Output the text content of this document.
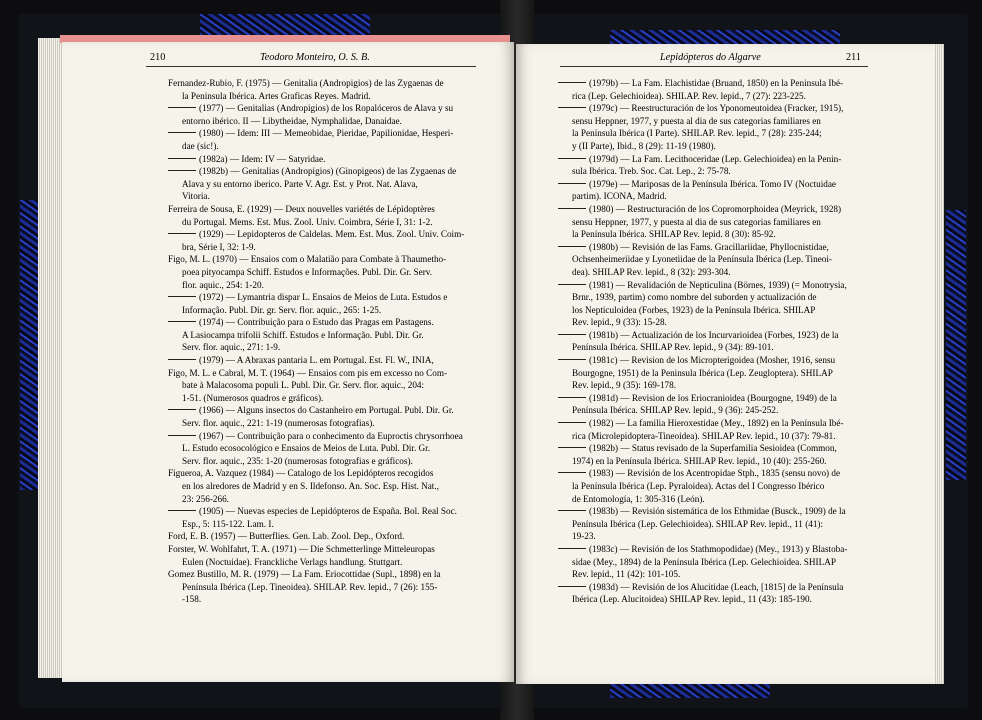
210	Teodoro Monteiro, O. S. B.	Lepidópteros do Algarve	211
Fernandez-Rubio, F. (1975) — Genitalia (Andropigios) de las Zygaenas de
la Peninsula Ibérica. Artes Graficas Reyes. Madrid.
(1977) — Genitalias (Andropigios) de los Ropalóceros de Alava y su
entorno ibérico. II — Libytheidae, Nymphalidae, Danaidae.
(1980) — Idem: III — Memeobidae, Pieridae, Papilionidae, Hesperi-
dae (sic!).
(1982a) — Idem: IV — Satyridae.
(1982b) — Genitalias (Andropigios) (Ginopigeos) de las Zygaenas de
Alava y su entorno iberico. Parte V. Agr. Est. y Prot. Nat. Alava,
Vitoria.
Ferreira de Sousa, E. (1929) — Deux nouvelles variétés de Lépidoptères
du Portugal. Mems. Est. Mus. Zool. Univ. Coimbra, Série I, 31: 1-2.
(1929) — Lepidopteros de Caldelas. Mem. Est. Mus. Zool. Univ. Coim-
bra, Série I, 32: 1-9.
Figo, M. L. (1970) — Ensaios com o Malatião para Combate à Thaumetho-
poea pityocampa Schiff. Estudos e Informações. Publ. Dir. Gr. Serv.
flor. aquic., 254: 1-20.
(1972) — Lymantria dispar L. Ensaios de Meios de Luta. Estudos e
Informação. Publ. Dir. gr. Serv. flor. aquic., 265: 1-25.
(1974) — Contribuição para o Estudo das Pragas em Pastagens.
A Lasiocampa trifolii Schiff. Estudos e Informação. Publ. Dir. Gr.
Serv. flor. aquic., 271: 1-9.
(1979) — A Abraxas pantaria L. em Portugal. Est. Fl. W., INIA,
Figo, M. L. e Cabral, M. T. (1964) — Ensaios com pis em excesso no Com-
bate à Malacosoma populi L. Publ. Dir. Gr. Serv. flor. aquic., 204:
1-51. (Numerosos quadros e gráficos).
(1966) — Alguns insectos do Castanheiro em Portugal. Publ. Dir. Gr.
Serv. flor. aquic., 221: 1-19 (numerosas fotografias).
(1967) — Contribuição para o conhecimento da Euproctis chrysorrhoea
L. Estudo ecosocológico e Ensaios de Meios de Luta. Publ. Dir. Gr.
Serv. flor. aquic., 235: 1-20 (numerosas fotografias e gráficos).
Figueroa, A. Vazquez (1984) — Catalogo de los Lepidópteros recogidos
en los alredores de Madrid y en S. Ildefonso. An. Soc. Esp. Hist. Nat.,
23: 256-266.
(1905) — Nuevas especies de Lepidópteros de España. Bol. Real Soc.
Esp., 5: 115-122. Lam. I.
Ford, E. B. (1957) — Butterflies. Gen. Lab. Zool. Dep., Oxford.
Forster, W. Wohlfahrt, T. A. (1971) — Die Schmetterlinge Mitteleuropas
Eulen (Noctuidae). Franckliche Verlags handlung. Stuttgart.
Gomez Bustillo, M. R. (1979) — La Fam. Eriocottidae (Supl., 1898) en la
Península Ibérica (Lep. Tineoidea). SHILAP. Rev. lepid., 7 (26): 155-
-158.
(1979b) — La Fam. Elachistidae (Bruand, 1850) en la Peninsula Ibé-
rica (Lep. Gelechioidea). SHILAP. Rev. lepid., 7 (27): 223-225.
(1979c) — Reestructuración de los Yponomeutoidea (Fracker, 1915),
sensu Heppner, 1977, y puesta al dia de sus categorias familiares en
la Península Ibérica (I Parte). SHILAP. Rev. lepid., 7 (28): 235-244;
y (II Parte), Ibid., 8 (29): 11-19 (1980).
(1979d) — La Fam. Lecithoceridae (Lep. Gelechioidea) en la Penin-
sula Ibérica. Treb. Soc. Cat. Lep., 2: 75-78.
(1979e) — Mariposas de la Península Ibérica. Tomo IV (Noctuidae
partim). ICONA, Madrid.
(1980) — Restructuración de los Copromorphoidea (Meyrick, 1928)
sensu Heppner, 1977, y puesta al dia de sus categorias familiares en
la Península Ibérica. SHILAP Rev. lepid. 8 (30): 85-92.
(1980b) — Revisión de las Fams. Gracillariidae, Phyllocnistidae,
Ochsenheimeriidae y Lyonetiidae de la Península Ibérica (Lep. Tineoi-
dea). SHILAP Rev. lepid., 8 (32): 293-304.
(1981) — Revalidación de Nepticulina (Börnes, 1939) (= Monotrysia,
Brnr., 1939, partim) como nombre del suborden y actualización de
los Nepticuloidea (Forbes, 1923) de la Península Ibérica. SHILAP
Rev. lepid., 9 (33): 15-28.
(1981b) — Actualización de los Incurvarioidea (Forbes, 1923) de la
Península Ibérica. SHILAP Rev. lepid., 9 (34): 89-101.
(1981c) — Revision de los Micropterigoidea (Mosher, 1916, sensu
Bourgogne, 1951) de la Peninsula Ibérica (Lep. Zeugloptera). SHILAP
Rev. lepid., 9 (35): 169-178.
(1981d) — Revision de los Eriocranioidea (Bourgogne, 1949) de la
Península Ibérica. SHILAP Rev. lepid., 9 (36): 245-252.
(1982) — La familia Hieroxestidae (Mey., 1892) en la Península Ibé-
rica (Microlepidoptera-Tineoidea). SHILAP Rev. lepid., 10 (37): 79-81.
(1982b) — Status revisado de la Superfamilia Sesioidea (Common,
1974) en la Península Ibérica. SHILAP Rev. lepid., 10 (40): 255-260.
(1983) — Revisión de los Acentropidae Stph., 1835 (sensu novo) de
la Península Ibérica (Lep. Pyraloidea). Actas del I Congresso Ibérico
de Entomología, 1: 305-316 (León).
(1983b) — Revisión sistemática de los Ethmidae (Busck., 1909) de la
Península Ibérica (Lep. Gelechioidea). SHILAP Rev. lepid., 11 (41):
19-23.
(1983c) — Revisión de los Stathmopodidae) (Mey., 1913) y Blastoba-
sidae (Mey., 1894) de la Península Ibérica (Lep. Gelechioidea. SHILAP
Rev. lepid., 11 (42): 101-105.
(1983d) — Revisión de los Alucitidae (Leach, [1815] de la Península
Ibérica (Lep. Alucitoidea) SHILAP Rev. lepid., 11 (43): 185-190.
